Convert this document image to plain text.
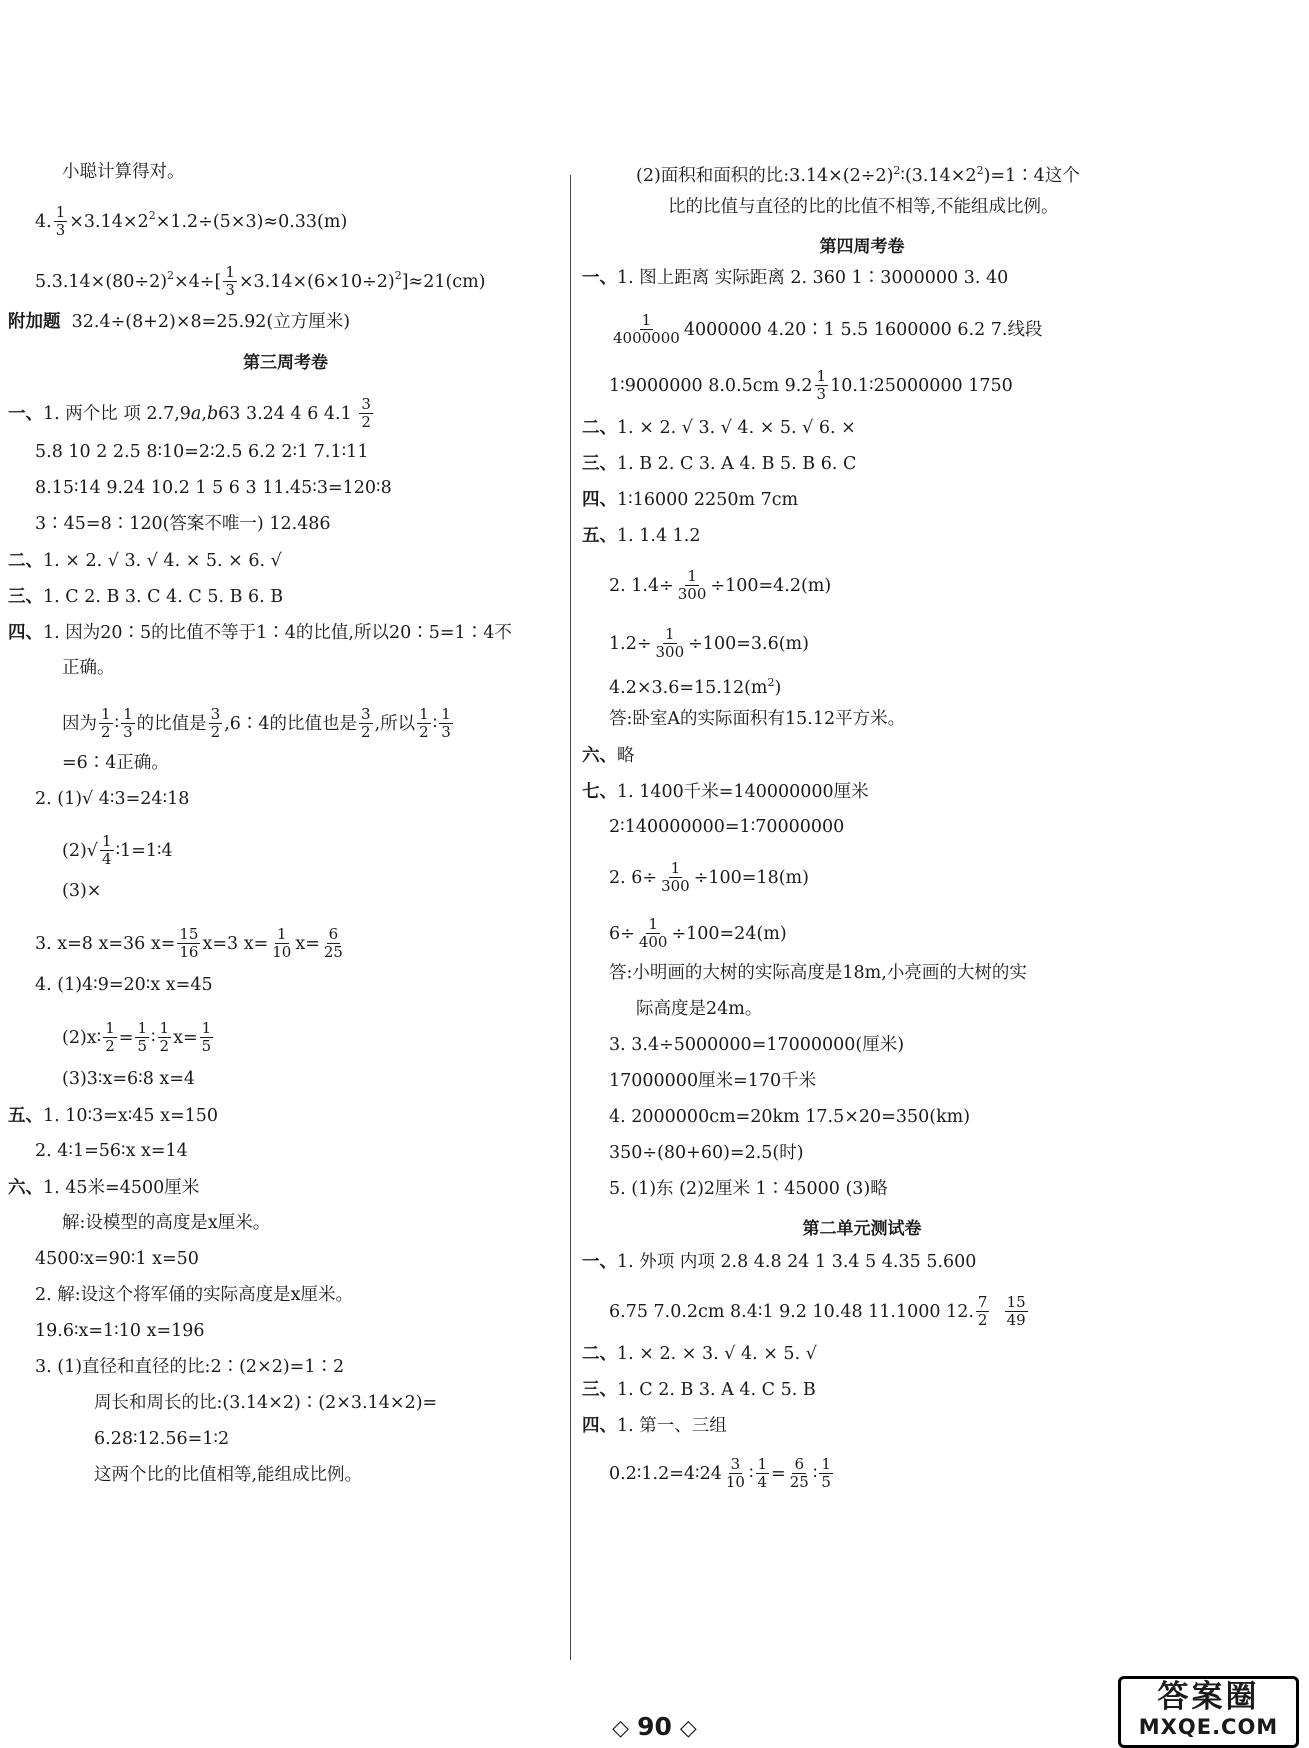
小聪计算得对。
4. $\frac{1}{3} \times 3.14\times 2^2\times 1.2\div(5\times 3)\approx 0.33(m)$
$5.3.14\times(80\div 2)^2\times 4\div[ \frac{1}{3} \times 3.14\times(6\times 10\div 2)^2]\approx 21(cm)$
附加题 32.4÷(8+2)×8=25.92(立方厘米)
第三周考卷
一、1. 两个比 项 2.7,9a,b63 3.24 4 6 $4.1 \frac{3}{2}$
5.8 10 2 2.5 8∶10=2∶2.5 6.2 2∶1 7.1∶11
8.15∶14 9.24 10.2 1 5 6 3 11.45∶3=120∶8
3∶45=8∶120(答案不唯一) 12.486
二、1. × 2. √ 3. √ 4. × 5. × 6. √
三、1. C 2. B 3. C 4. C 5. B 6. B
四、1. 因为20∶5的比值不等于1∶4的比值,所以20∶5=1∶4不
正确。
因为 $\frac{1}{2}$ ∶ $\frac{1}{3}$ 的比值是 $\frac{3}{2}$ ,6∶4的比值也是 $\frac{3}{2}$ ,所以 $\frac{1}{2}$ ∶ $\frac{1}{3}$
=6∶4正确。
2. (1)√ 4∶3=24∶18
$(2)√ \frac{1}{4}$ ∶1=1∶4
(3)×
3. x=8 x=36 $x= \frac{15}{16} x=3$ $x= \frac{1}{10} x= \frac{6}{25}$
4. (1)4∶9=20∶x x=45
(2)x∶ $\frac{1}{2} = \frac{1}{5}$ ∶ $\frac{1}{2} x= \frac{1}{5}$
(3)3∶x=6∶8 x=4
五、1. 10∶3=x∶45 x=150
2. 4∶1=56∶x x=14
六、1. 45米=4500厘米
解:设模型的高度是x厘米。
4500∶x=90∶1 x=50
2. 解:设这个将军俑的实际高度是x厘米。
19.6∶x=1∶10 x=196
3. (1)直径和直径的比:2∶(2×2)=1∶2
周长和周长的比:(3.14×2)∶(2×3.14×2)=
6.28∶12.56=1∶2
这两个比的比值相等,能组成比例。
(2)面积和面积的比$:3.14\times(2\div 2)^2∶(3.14\times 2^2)=1∶4$这个
比的比值与直径的比的比值不相等,不能组成比例。
第四周考卷
一、1. 图上距离 实际距离 2. 360 1∶3000000 3. 40
$\frac{1}{4000000} 4000000$ 4.20∶1 5.5 1600000 6.2 7.线段
1∶9000000 8.0.5cm $9.2 \frac{1}{3}$ 10.1∶25000000 1750
二、1. × 2. √ 3. √ 4. × 5. √ 6. ×
三、1. B 2. C 3. A 4. B 5. B 6. C
四、1∶16000 2250m 7cm
五、1. 1.4 1.2
2. $1.4\div \frac{1}{300} \div 100=4.2(m)$
$1.2\div \frac{1}{300} \div 100=3.6(m)$
$4.2\times 3.6=15.12(m^2)$
答:卧室A的实际面积有15.12平方米。
六、略
七、1. 1400千米=140000000厘米
2∶140000000=1∶70000000
2. $6\div \frac{1}{300} \div 100=18(m)$
$6\div \frac{1}{400} \div 100=24(m)$
答:小明画的大树的实际高度是18m,小亮画的大树的实
际高度是24m。
3. 3.4÷5000000=17000000(厘米)
17000000厘米=170千米
4. 2000000cm=20km 17.5×20=350(km)
350÷(80+60)=2.5(时)
5. (1)东 (2)2厘米 1∶45000 (3)略
第二单元测试卷
一、1. 外项 内项 2.8 4.8 24 1 3.4 5 4.35 5.600
6.75 7.0.2cm 8.4∶1 9.2 10.48 11.1000 12. $\frac{7}{2}$
$\frac{15}{49}$
二、1. × 2. × 3. √ 4. × 5. √
三、1. C 2. B 3. A 4. C 5. B
四、1. 第一、三组
0.2∶1.2=4∶24 $\frac{3}{10}$ ∶ $\frac{1}{4} = \frac{6}{25}$ ∶ $\frac{1}{5}$
◇ 90 ◇
答案圈
MXQE.COM
